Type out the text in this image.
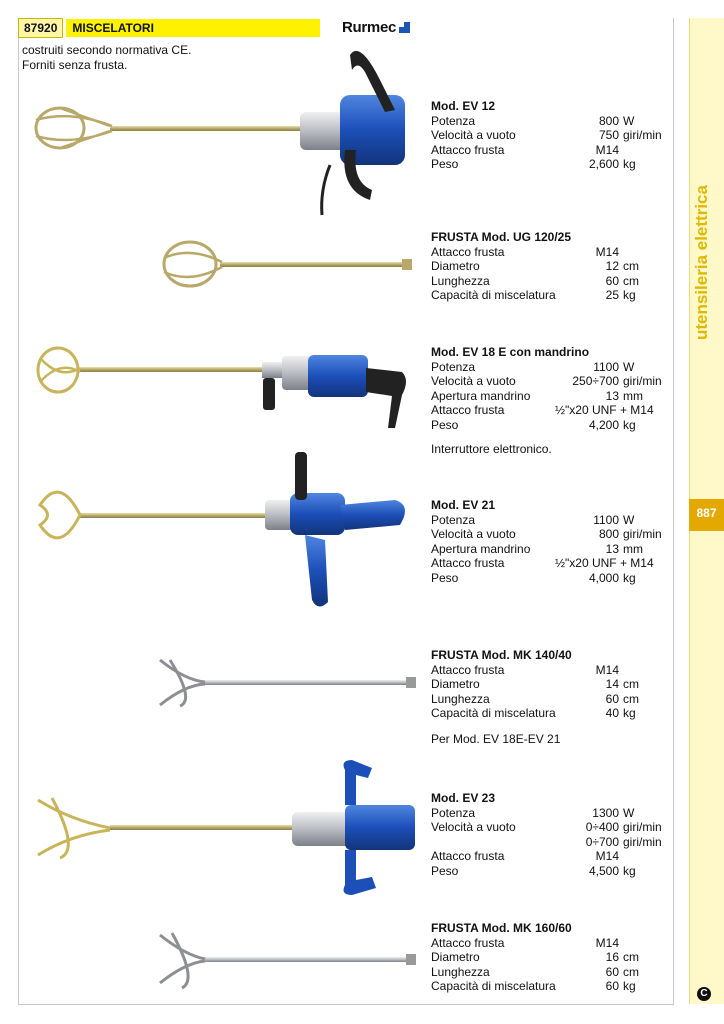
87920	MISCELATORI	Rurmec
costruiti secondo normativa CE.
Forniti senza frusta.
utensileria elettrica
887
C
Mod. EV 12
Potenza	800 W
Velocità a vuoto	750 giri/min
Attacco frusta	M14
Peso	2,600 kg
FRUSTA Mod. UG 120/25
Attacco frusta	M14
Diametro	12 cm
Lunghezza	60 cm
Capacità di miscelatura	25 kg
Mod. EV 18 E con mandrino
Potenza	1100 W
Velocità a vuoto	250÷700 giri/min
Apertura mandrino	13 mm
Attacco frusta	½"x20 UNF + M14
Peso	4,200 kg
Interruttore elettronico.
Mod. EV 21
Potenza	1100 W
Velocità a vuoto	800 giri/min
Apertura mandrino	13 mm
Attacco frusta	½"x20 UNF + M14
Peso	4,000 kg
FRUSTA Mod. MK 140/40
Attacco frusta	M14
Diametro	14 cm
Lunghezza	60 cm
Capacità di miscelatura	40 kg
Per Mod. EV 18E-EV 21
Mod. EV 23
Potenza	1300 W
Velocità a vuoto	0÷400 giri/min
0÷700 giri/min
Attacco frusta	M14
Peso	4,500 kg
FRUSTA Mod. MK 160/60
Attacco frusta	M14
Diametro	16 cm
Lunghezza	60 cm
Capacità di miscelatura	60 kg
